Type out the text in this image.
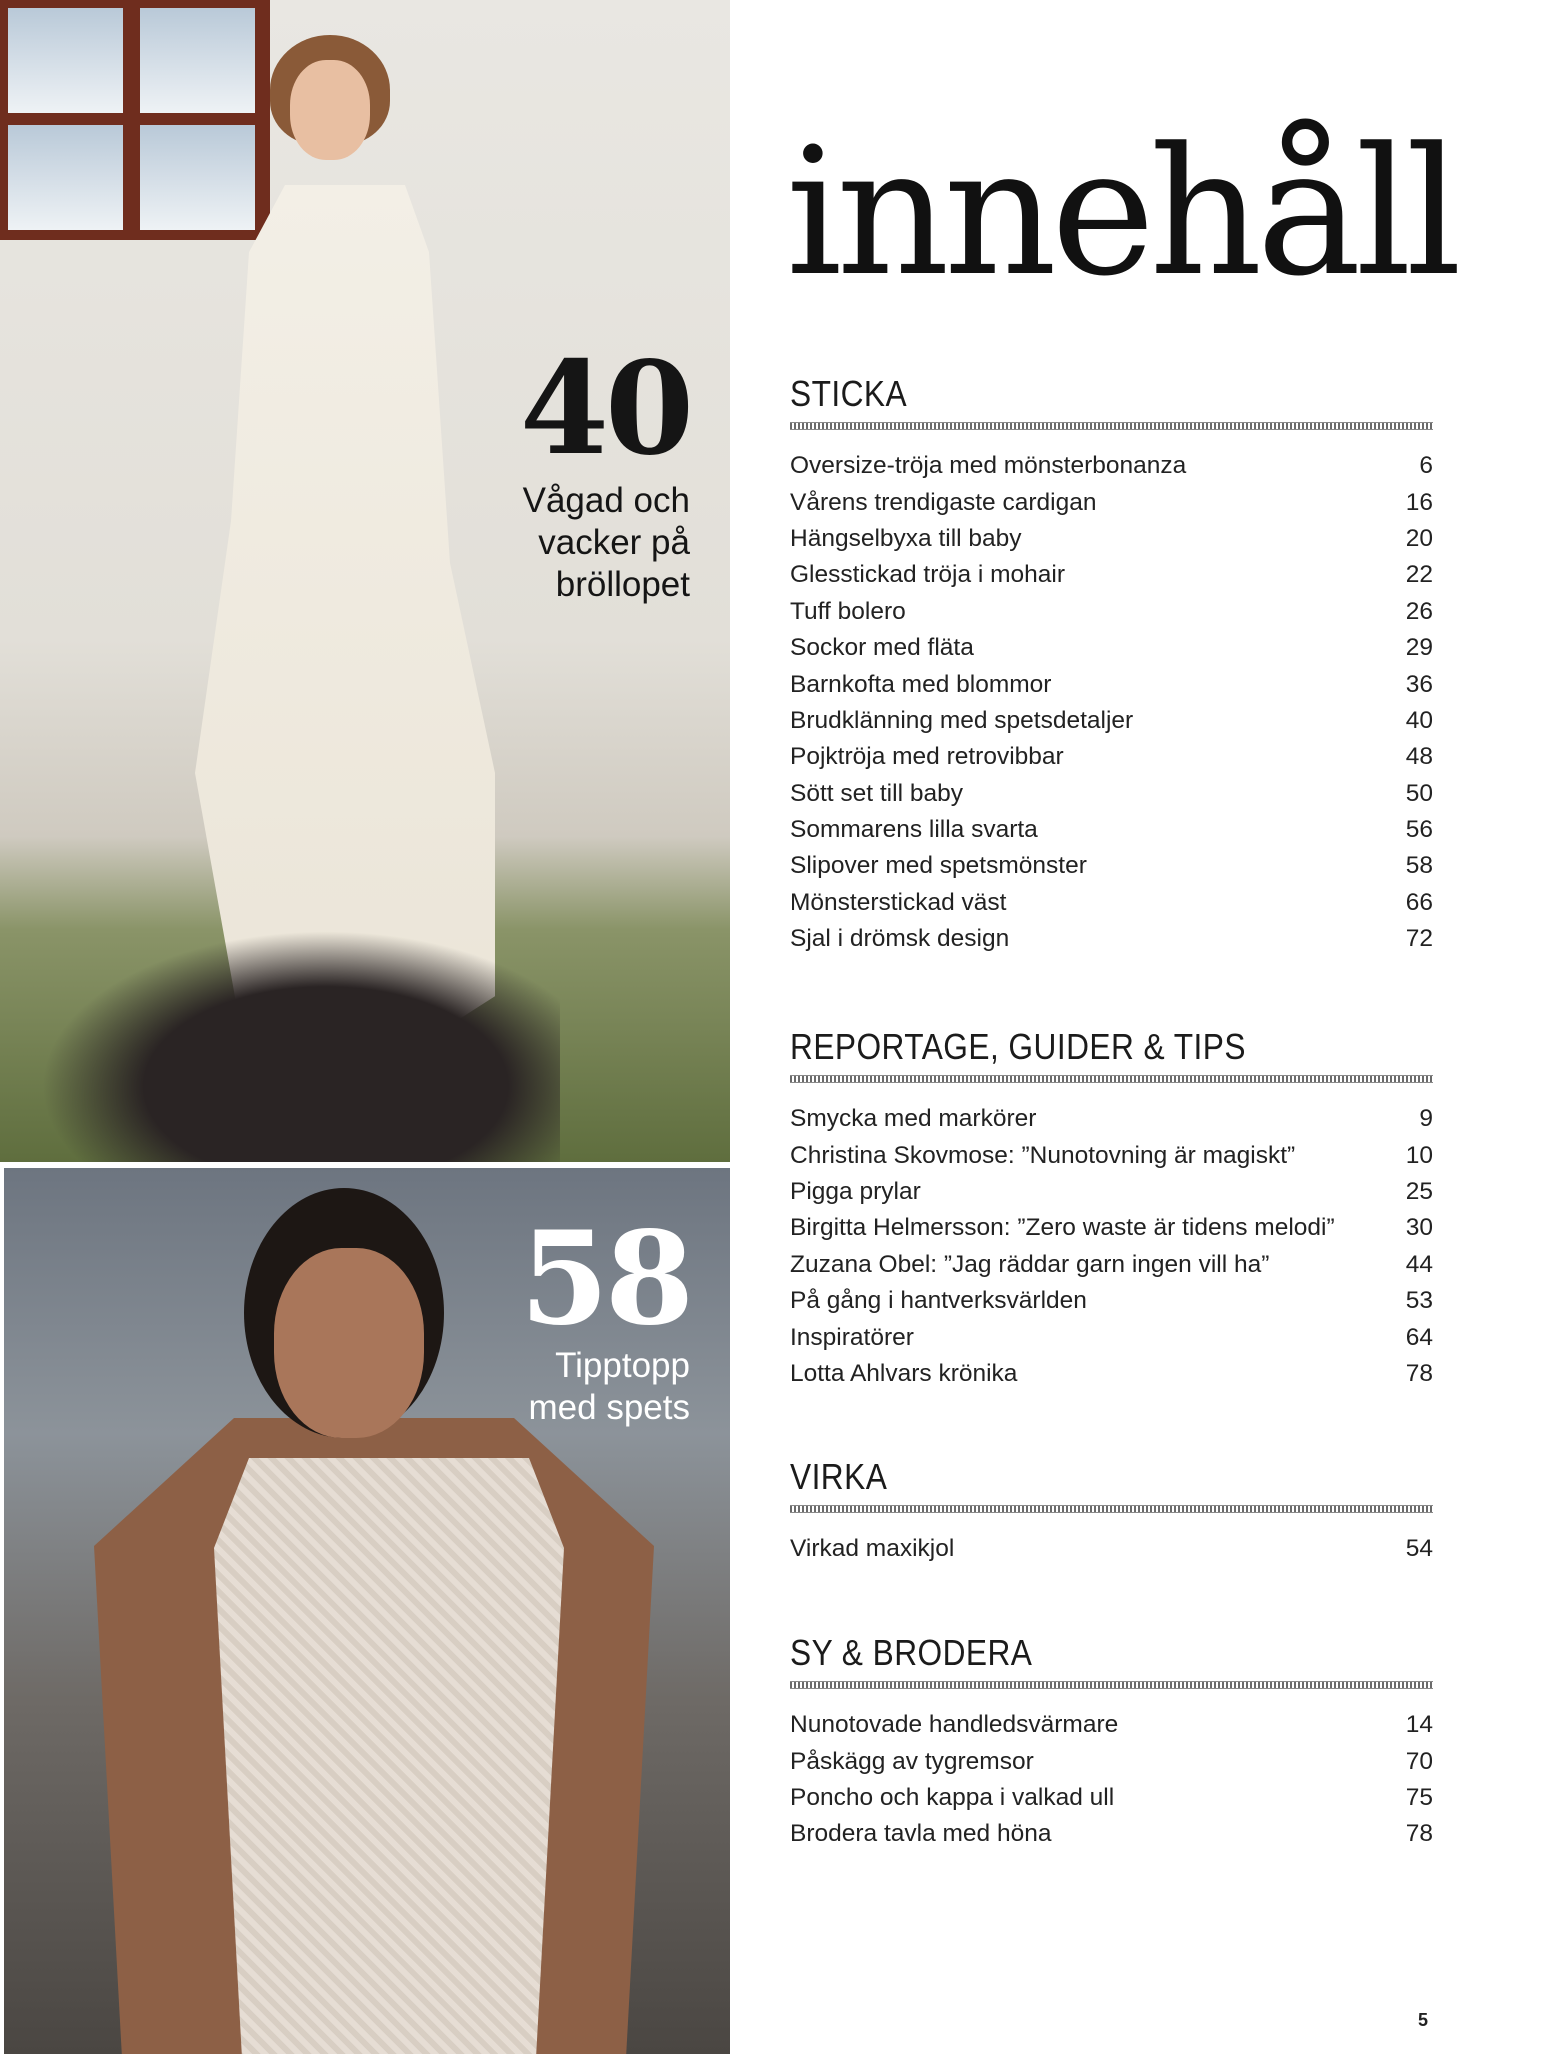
40
Vågad och
vacker på
bröllopet
58
Tipptopp
med spets
innehåll
STICKA
Oversize-tröja med mönsterbonanza	6
Vårens trendigaste cardigan	16
Hängselbyxa till baby	20
Glesstickad tröja i mohair	22
Tuff bolero	26
Sockor med fläta	29
Barnkofta med blommor	36
Brudklänning med spetsdetaljer	40
Pojktröja med retrovibbar	48
Sött set till baby	50
Sommarens lilla svarta	56
Slipover med spetsmönster	58
Mönsterstickad väst	66
Sjal i drömsk design	72
REPORTAGE, GUIDER & TIPS
Smycka med markörer	9
Christina Skovmose: ”Nunotovning är magiskt”	10
Pigga prylar	25
Birgitta Helmersson: ”Zero waste är tidens melodi”	30
Zuzana Obel: ”Jag räddar garn ingen vill ha”	44
På gång i hantverksvärlden	53
Inspiratörer	64
Lotta Ahlvars krönika	78
VIRKA
Virkad maxikjol	54
SY & BRODERA
Nunotovade handledsvärmare	14
Påskägg av tygremsor	70
Poncho och kappa i valkad ull	75
Brodera tavla med höna	78
5
